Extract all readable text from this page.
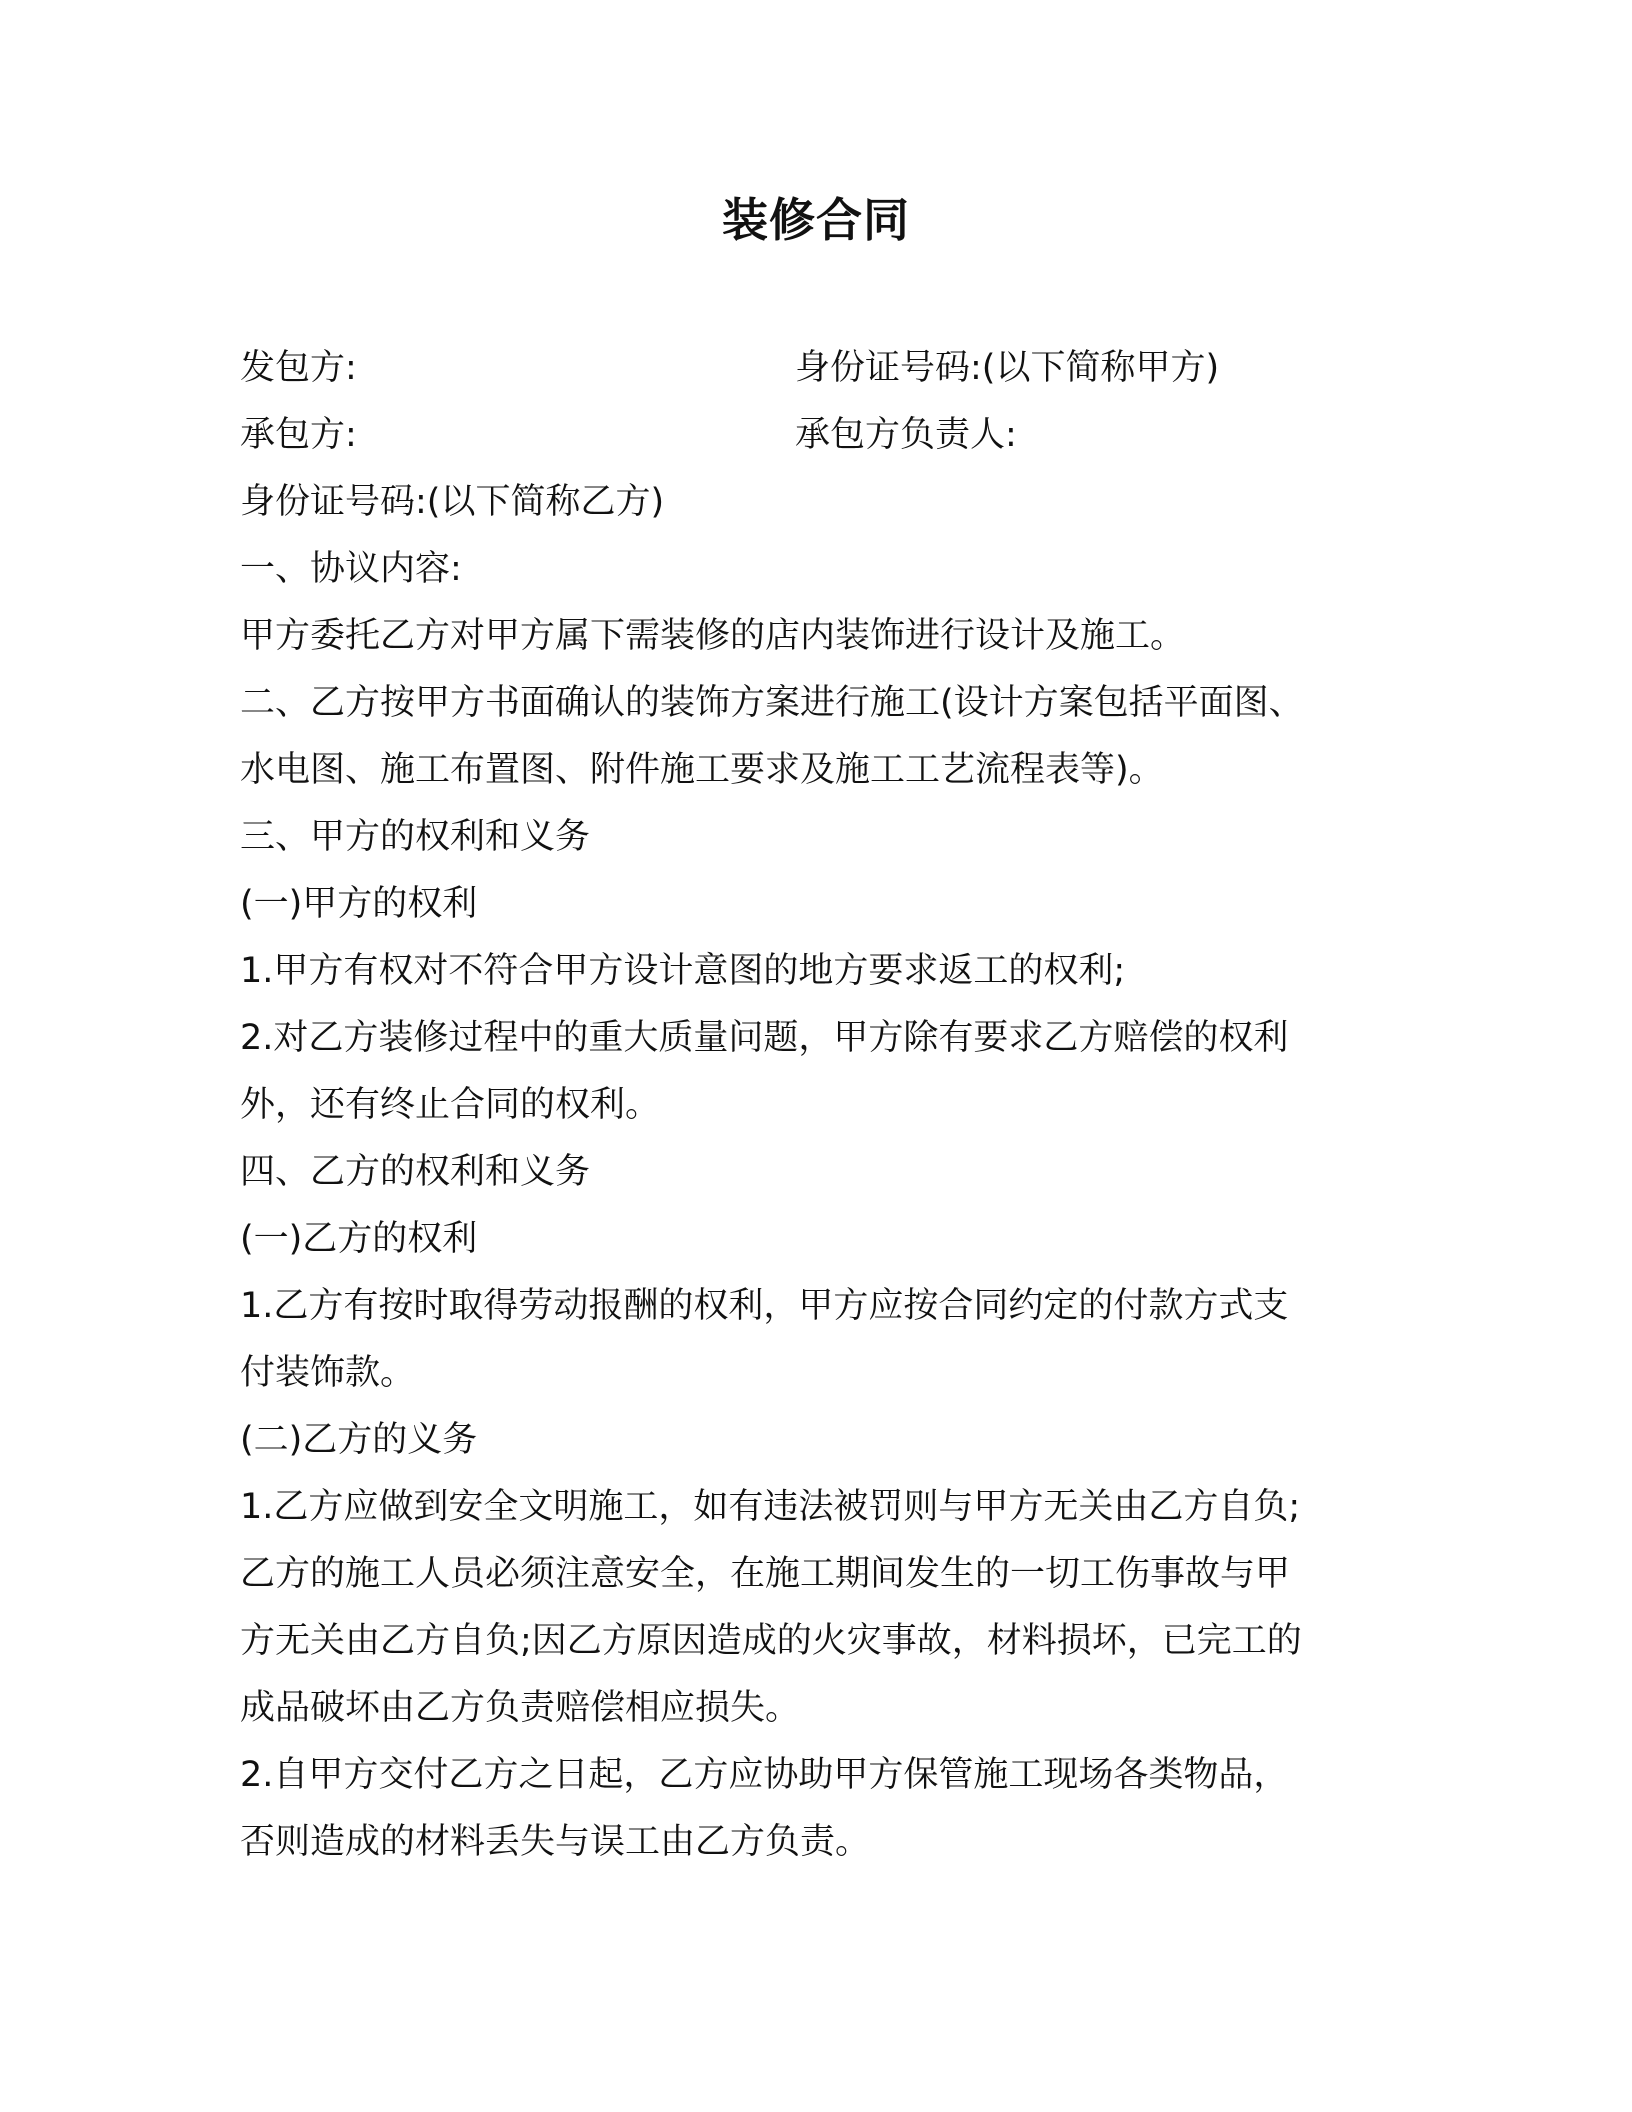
装修合同
发包方:	身份证号码:(以下简称甲方)
承包方:	承包方负责人:
身份证号码:(以下简称乙方)
一、协议内容:
甲方委托乙方对甲方属下需装修的店内装饰进行设计及施工。
二、乙方按甲方书面确认的装饰方案进行施工(设计方案包括平面图、
水电图、施工布置图、附件施工要求及施工工艺流程表等)。
三、甲方的权利和义务
(一)甲方的权利
1.甲方有权对不符合甲方设计意图的地方要求返工的权利;
2.对乙方装修过程中的重大质量问题，甲方除有要求乙方赔偿的权利
外，还有终止合同的权利。
四、乙方的权利和义务
(一)乙方的权利
1.乙方有按时取得劳动报酬的权利，甲方应按合同约定的付款方式支
付装饰款。
(二)乙方的义务
1.乙方应做到安全文明施工，如有违法被罚则与甲方无关由乙方自负;
乙方的施工人员必须注意安全，在施工期间发生的一切工伤事故与甲
方无关由乙方自负;因乙方原因造成的火灾事故，材料损坏，已完工的
成品破坏由乙方负责赔偿相应损失。
2.自甲方交付乙方之日起，乙方应协助甲方保管施工现场各类物品，
否则造成的材料丢失与误工由乙方负责。
